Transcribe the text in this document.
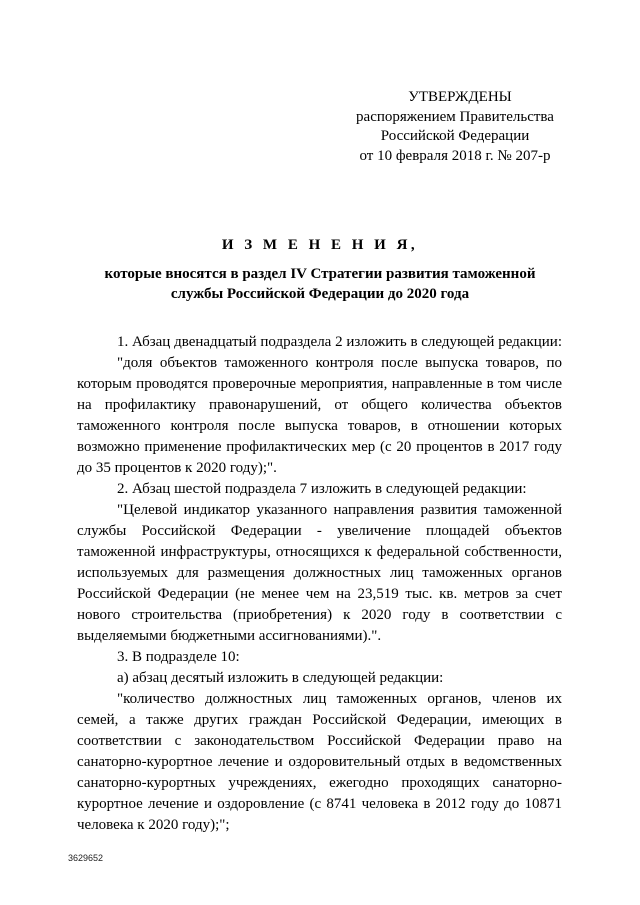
УТВЕРЖДЕНЫ
распоряжением Правительства
Российской Федерации
от 10 февраля 2018 г. № 207-р
И З М Е Н Е Н И Я,
которые вносятся в раздел IV Стратегии развития таможенной
службы Российской Федерации до 2020 года

1. Абзац двенадцатый подраздела 2 изложить в следующей редакции:

"доля объектов таможенного контроля после выпуска товаров, по которым проводятся проверочные мероприятия, направленные в том числе на профилактику правонарушений, от общего количества объектов таможенного контроля после выпуска товаров, в отношении которых возможно применение профилактических мер (с 20 процентов в 2017 году до 35 процентов к 2020 году);".

2. Абзац шестой подраздела 7 изложить в следующей редакции:

"Целевой индикатор указанного направления развития таможенной службы Российской Федерации - увеличение площадей объектов таможенной инфраструктуры, относящихся к федеральной собственности, используемых для размещения должностных лиц таможенных органов Российской Федерации (не менее чем на 23,519 тыс. кв. метров за счет нового строительства (приобретения) к 2020 году в соответствии с выделяемыми бюджетными ассигнованиями).".

3. В подразделе 10:

а) абзац десятый изложить в следующей редакции:

"количество должностных лиц таможенных органов, членов их семей, а также других граждан Российской Федерации, имеющих в соответствии с законодательством Российской Федерации право на санаторно-курортное лечение и оздоровительный отдых в ведомственных санаторно-курортных учреждениях, ежегодно проходящих санаторно-курортное лечение и оздоровление (с 8741 человека в 2012 году до 10871 человека к 2020 году);";

3629652
